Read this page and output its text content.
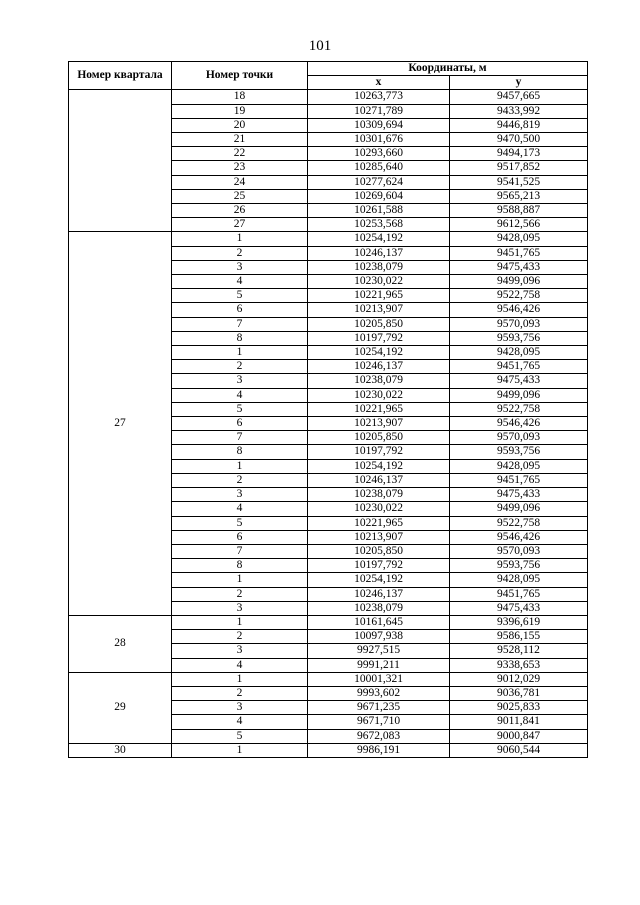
101
Номер квартала	Номер точки	Координаты, м	
		x	y
	18	10263,773	9457,665
	19	10271,789	9433,992
	20	10309,694	9446,819
	21	10301,676	9470,500
	22	10293,660	9494,173
	23	10285,640	9517,852
	24	10277,624	9541,525
	25	10269,604	9565,213
	26	10261,588	9588,887
	27	10253,568	9612,566
27	1	10254,192	9428,095
	2	10246,137	9451,765
	3	10238,079	9475,433
	4	10230,022	9499,096
	5	10221,965	9522,758
	6	10213,907	9546,426
	7	10205,850	9570,093
	8	10197,792	9593,756
	1	10254,192	9428,095
	2	10246,137	9451,765
	3	10238,079	9475,433
	4	10230,022	9499,096
	5	10221,965	9522,758
	6	10213,907	9546,426
	7	10205,850	9570,093
	8	10197,792	9593,756
	1	10254,192	9428,095
	2	10246,137	9451,765
	3	10238,079	9475,433
	4	10230,022	9499,096
	5	10221,965	9522,758
	6	10213,907	9546,426
	7	10205,850	9570,093
	8	10197,792	9593,756
	1	10254,192	9428,095
	2	10246,137	9451,765
	3	10238,079	9475,433
28	1	10161,645	9396,619
	2	10097,938	9586,155
	3	9927,515	9528,112
	4	9991,211	9338,653
29	1	10001,321	9012,029
	2	9993,602	9036,781
	3	9671,235	9025,833
	4	9671,710	9011,841
	5	9672,083	9000,847
30	1	9986,191	9060,544
